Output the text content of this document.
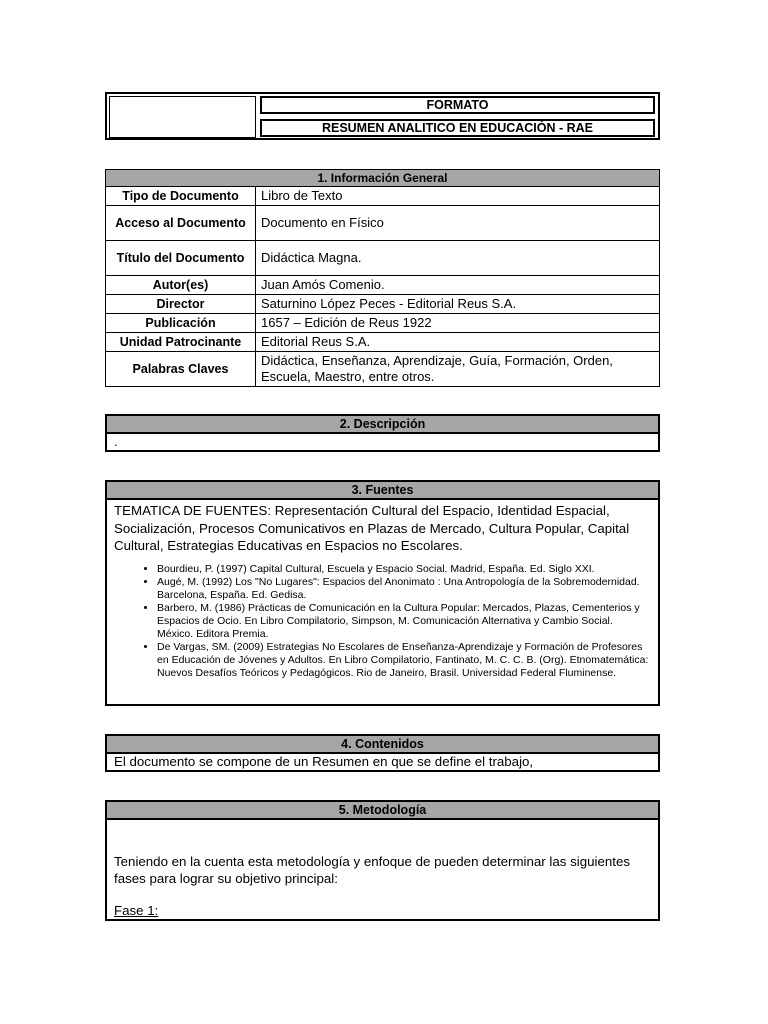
FORMATO
RESUMEN ANALITICO EN EDUCACIÓN - RAE
1. Información General	
Tipo de Documento	Libro de Texto
Acceso al Documento	Documento en Físico
Título del Documento	Didáctica Magna.
Autor(es)	Juan Amós Comenio.
Director	Saturnino López Peces - Editorial Reus S.A.
Publicación	1657 – Edición de Reus 1922
Unidad Patrocinante	Editorial Reus S.A.
Palabras Claves	Didáctica, Enseñanza, Aprendizaje, Guía, Formación, Orden, Escuela, Maestro, entre otros.
2. Descripción
.
3. Fuentes
TEMATICA DE FUENTES: Representación Cultural del Espacio, Identidad Espacial, Socialización, Procesos Comunicativos en Plazas de Mercado, Cultura Popular, Capital Cultural, Estrategias Educativas en Espacios no Escolares.
• Bourdieu, P. (1997) Capital Cultural, Escuela y Espacio Social. Madrid, España. Ed. Siglo XXI.
• Augé, M. (1992) Los "No Lugares": Espacios del Anonimato : Una Antropología de la Sobremodernidad. Barcelona, España. Ed. Gedisa.
• Barbero, M. (1986) Prácticas de Comunicación en la Cultura Popular: Mercados, Plazas, Cementerios y Espacios de Ocio. En Libro Compilatorio, Simpson, M. Comunicación Alternativa y Cambio Social. México. Editora Premia.
• De Vargas, SM. (2009) Estrategias No Escolares de Enseñanza-Aprendizaje y Formación de Profesores en Educación de Jóvenes y Adultos. En Libro Compilatorio, Fantinato, M. C. C. B. (Org). Etnomatemática: Nuevos Desafíos Teóricos y Pedagógicos. Rio de Janeiro, Brasil. Universidad Federal Fluminense.
4. Contenidos
El documento se compone de un Resumen en que se define el trabajo,
5. Metodología
Teniendo en la cuenta esta metodología y enfoque de pueden determinar las siguientes fases para lograr su objetivo principal:
Fase 1:
